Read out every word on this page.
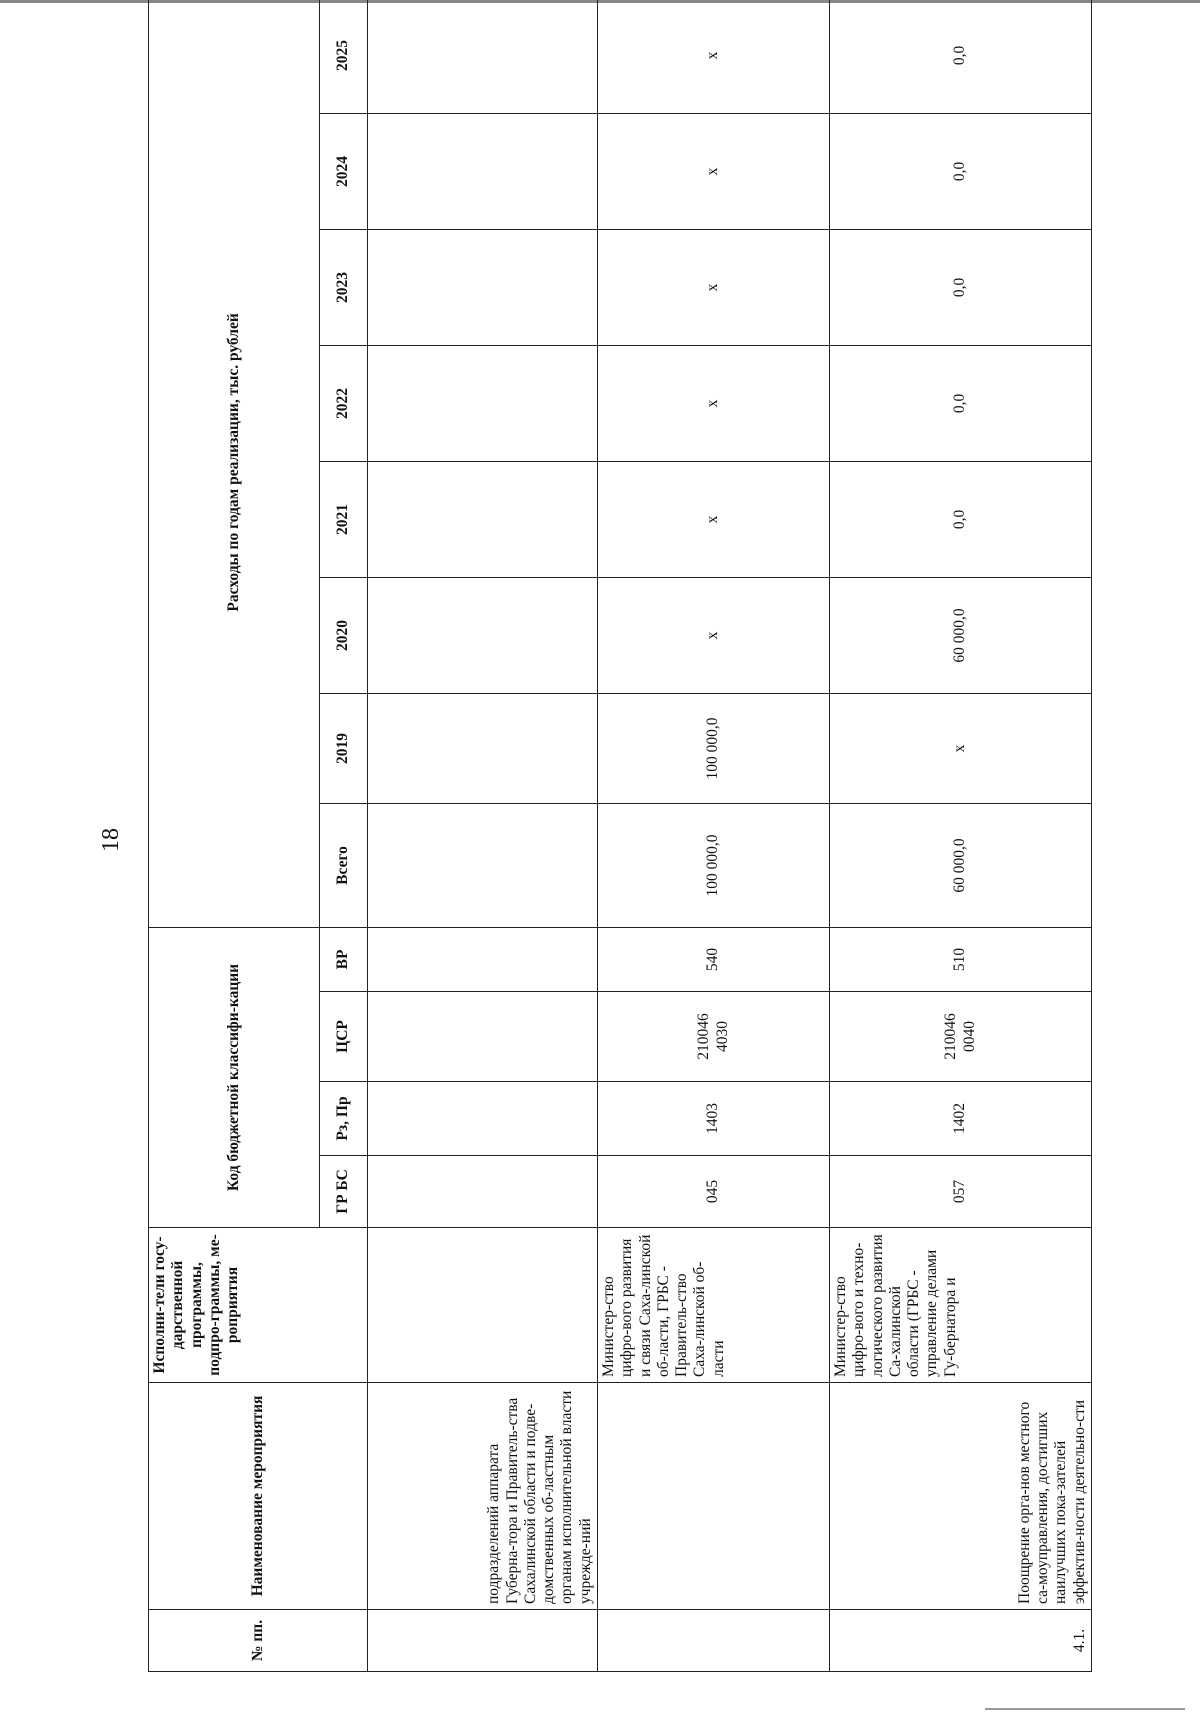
18
№ пп.	Наименование мероприятия	Исполни-тели госу-дарственной программы, подпро-граммы, ме-роприятия	Код бюджетной классифи-кации				Расходы по годам реализации, тыс. рублей							
			ГР БС	Рз, Пр	ЦСР	ВР	Всего	2019	2020	2021	2022	2023	2024	2025
	подразделений аппарата Губерна-тора и Правитель-ства Сахалинской области и подве-домственных об-ластным органам исполнительной власти учрежде-ний													
		Министер-ство цифро-вого развития и связи Саха-линской об-ласти, ГРБС - Правитель-ство Саха-линской об-ласти	045	1403	210046 4030	540	100 000,0	100 000,0	x	x	x	x	x	x
4.1.	Поощрение орга-нов местного са-моуправления, достигших наилучших пока-зателей эффектив-ности деятельно-сти	Министер-ство цифро-вого и техно-логического развития Са-халинской области (ГРБС - управление делами Гу-бернатора и	057	1402	210046 0040	510	60 000,0	x	60 000,0	0,0	0,0	0,0	0,0	0,0
